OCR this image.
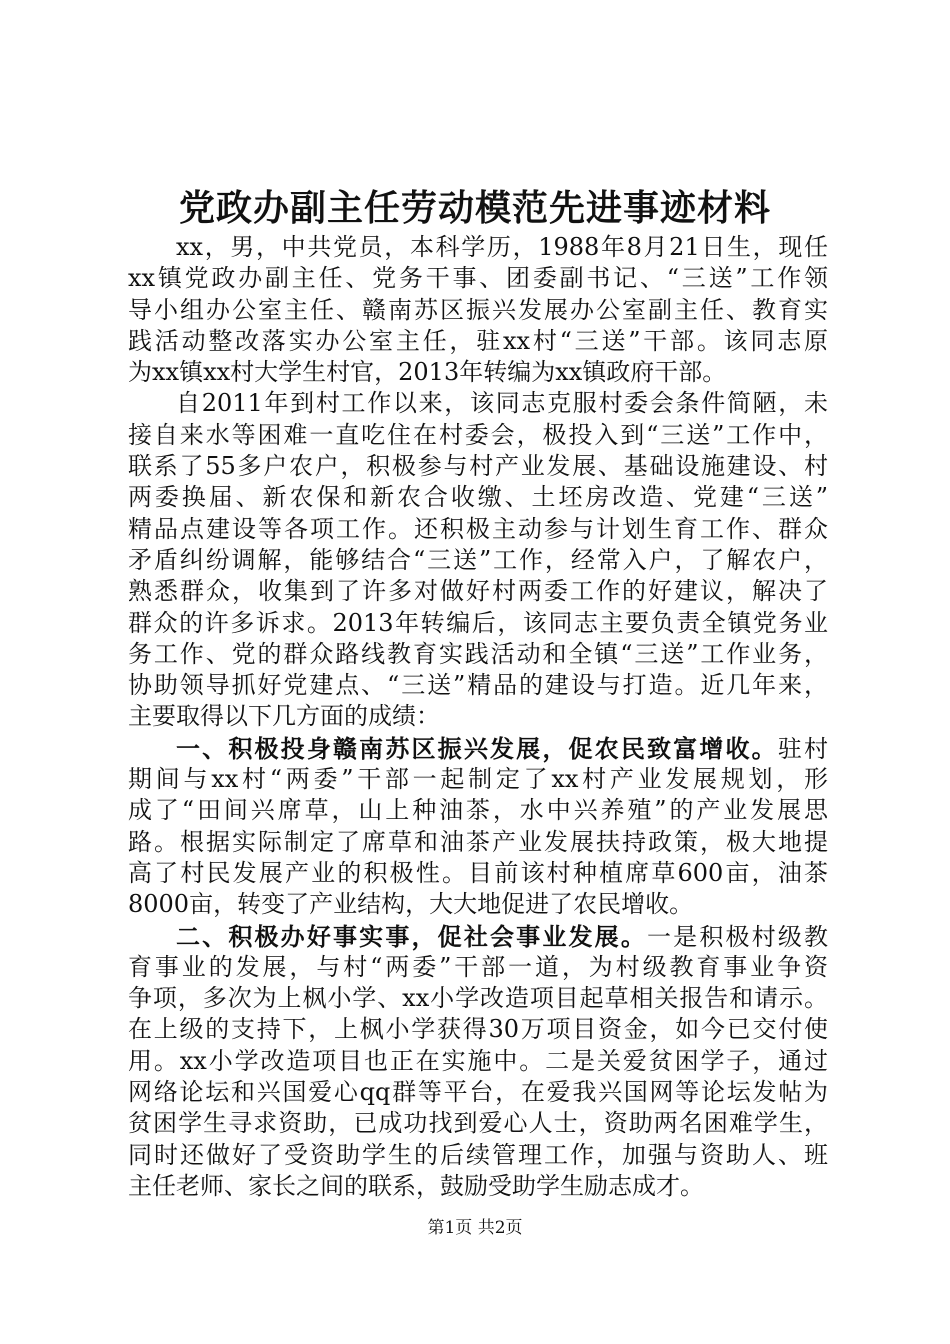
党政办副主任劳动模范先进事迹材料
xx，男，中共党员，本科学历，1988年8月21日生，现任
xx镇党政办副主任、党务干事、团委副书记、“三送”工作领
导小组办公室主任、赣南苏区振兴发展办公室副主任、教育实
践活动整改落实办公室主任，驻xx村“三送”干部。该同志原
为xx镇xx村大学生村官，2013年转编为xx镇政府干部。
自2011年到村工作以来，该同志克服村委会条件简陋，未
接自来水等困难一直吃住在村委会，极投入到“三送”工作中，
联系了55多户农户，积极参与村产业发展、基础设施建设、村
两委换届、新农保和新农合收缴、土坯房改造、党建“三送”
精品点建设等各项工作。还积极主动参与计划生育工作、群众
矛盾纠纷调解，能够结合“三送”工作，经常入户，了解农户，
熟悉群众，收集到了许多对做好村两委工作的好建议，解决了
群众的许多诉求。2013年转编后，该同志主要负责全镇党务业
务工作、党的群众路线教育实践活动和全镇“三送”工作业务，
协助领导抓好党建点、“三送”精品的建设与打造。近几年来，
主要取得以下几方面的成绩：
一、积极投身赣南苏区振兴发展，促农民致富增收。驻村
期间与xx村“两委”干部一起制定了xx村产业发展规划，形
成了“田间兴席草，山上种油茶，水中兴养殖”的产业发展思
路。根据实际制定了席草和油茶产业发展扶持政策，极大地提
高了村民发展产业的积极性。目前该村种植席草600亩，油茶
8000亩，转变了产业结构，大大地促进了农民增收。
二、积极办好事实事，促社会事业发展。一是积极村级教
育事业的发展，与村“两委”干部一道，为村级教育事业争资
争项，多次为上枫小学、xx小学改造项目起草相关报告和请示。
在上级的支持下，上枫小学获得30万项目资金，如今已交付使
用。xx小学改造项目也正在实施中。二是关爱贫困学子，通过
网络论坛和兴国爱心qq群等平台，在爱我兴国网等论坛发帖为
贫困学生寻求资助，已成功找到爱心人士，资助两名困难学生，
同时还做好了受资助学生的后续管理工作，加强与资助人、班
主任老师、家长之间的联系，鼓励受助学生励志成才。
第1页 共2页
